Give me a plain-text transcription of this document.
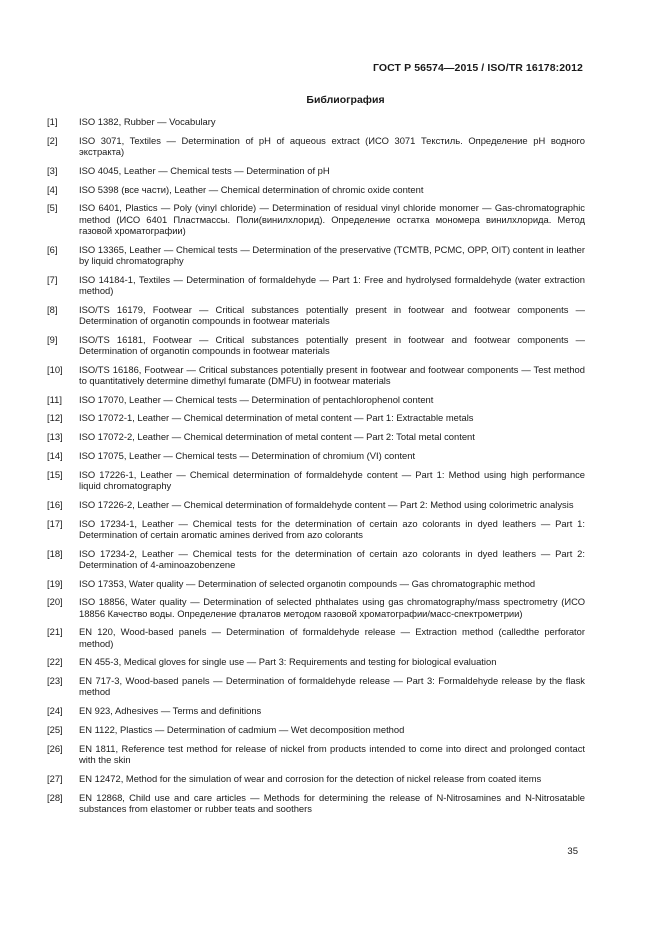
ГОСТ Р 56574—2015 / ISO/TR 16178:2012
Библиография
[1]	ISO 1382, Rubber — Vocabulary
[2]	ISO 3071, Textiles — Determination of pH of aqueous extract (ИСО 3071 Текстиль. Определение pH водного экстракта)
[3]	ISO 4045, Leather — Chemical tests — Determination of pH
[4]	ISO 5398 (все части), Leather — Chemical determination of chromic oxide content
[5]	ISO 6401, Plastics — Poly (vinyl chloride) — Determination of residual vinyl chloride monomer — Gas-chromatographic method (ИСО 6401 Пластмассы. Поли(винилхлорид). Определение остатка мономера винилхлорида. Метод газовой хроматографии)
[6]	ISO 13365, Leather — Chemical tests — Determination of the preservative (TCMTB, PCMC, OPP, OIT) content in leather by liquid chromatography
[7]	ISO 14184-1, Textiles — Determination of formaldehyde — Part 1: Free and hydrolysed formaldehyde (water extraction method)
[8]	ISO/TS 16179, Footwear — Critical substances potentially present in footwear and footwear components — Determination of organotin compounds in footwear materials
[9]	ISO/TS 16181, Footwear — Critical substances potentially present in footwear and footwear components — Determination of organotin compounds in footwear materials
[10]	ISO/TS 16186, Footwear — Critical substances potentially present in footwear and footwear components — Test method to quantitatively determine dimethyl fumarate (DMFU) in footwear materials
[11]	ISO 17070, Leather — Chemical tests — Determination of pentachlorophenol content
[12]	ISO 17072-1, Leather — Chemical determination of metal content — Part 1: Extractable metals
[13]	ISO 17072-2, Leather — Chemical determination of metal content — Part 2: Total metal content
[14]	ISO 17075, Leather — Chemical tests — Determination of chromium (VI) content
[15]	ISO 17226-1, Leather — Chemical determination of formaldehyde content — Part 1: Method using high performance liquid chromatography
[16]	ISO 17226-2, Leather — Chemical determination of formaldehyde content — Part 2: Method using colorimetric analysis
[17]	ISO 17234-1, Leather — Chemical tests for the determination of certain azo colorants in dyed leathers — Part 1: Determination of certain aromatic amines derived from azo colorants
[18]	ISO 17234-2, Leather — Chemical tests for the determination of certain azo colorants in dyed leathers — Part 2: Determination of 4-aminoazobenzene
[19]	ISO 17353, Water quality — Determination of selected organotin compounds — Gas chromatographic method
[20]	ISO 18856, Water quality — Determination of selected phthalates using gas chromatography/mass spectrometry (ИСО 18856 Качество воды. Определение фталатов методом газовой хроматографии/масс-спектрометрии)
[21]	EN 120, Wood-based panels — Determination of formaldehyde release — Extraction method (calledthe perforator method)
[22]	EN 455-3, Medical gloves for single use — Part 3: Requirements and testing for biological evaluation
[23]	EN 717-3, Wood-based panels — Determination of formaldehyde release — Part 3: Formaldehyde release by the flask method
[24]	EN 923, Adhesives — Terms and definitions
[25]	EN 1122, Plastics — Determination of cadmium — Wet decomposition method
[26]	EN 1811, Reference test method for release of nickel from products intended to come into direct and prolonged contact with the skin
[27]	EN 12472, Method for the simulation of wear and corrosion for the detection of nickel release from coated items
[28]	EN 12868, Child use and care articles — Methods for determining the release of N-Nitrosamines and N-Nitrosatable substances from elastomer or rubber teats and soothers
35
